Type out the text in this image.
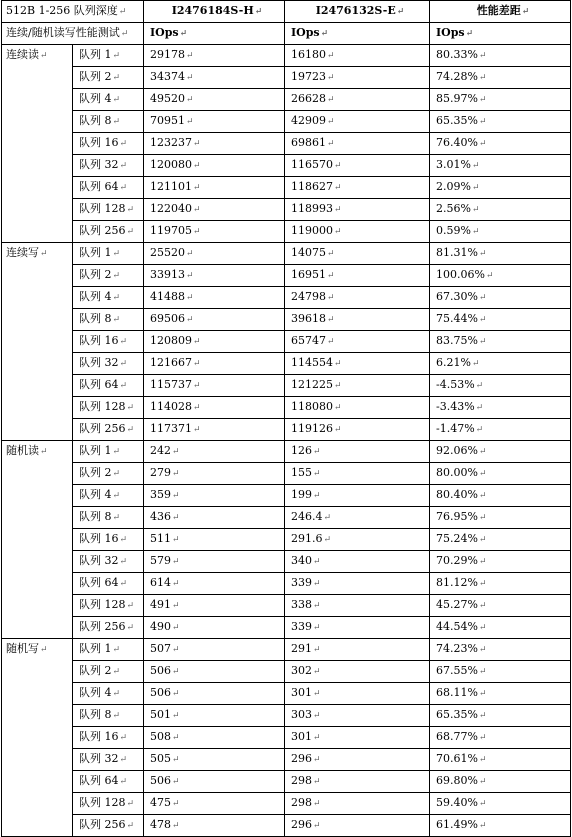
512B 1-256 队列深度↵		I2476184S-H↵	I2476132S-E↵	性能差距↵
连续/随机读写性能测试↵		IOps↵	IOps↵	IOps↵
连续读↵	队列 1↵	29178↵	16180↵	80.33%↵
	队列 2↵	34374↵	19723↵	74.28%↵
	队列 4↵	49520↵	26628↵	85.97%↵
	队列 8↵	70951↵	42909↵	65.35%↵
	队列 16↵	123237↵	69861↵	76.40%↵
	队列 32↵	120080↵	116570↵	3.01%↵
	队列 64↵	121101↵	118627↵	2.09%↵
	队列 128↵	122040↵	118993↵	2.56%↵
	队列 256↵	119705↵	119000↵	0.59%↵
连续写↵	队列 1↵	25520↵	14075↵	81.31%↵
	队列 2↵	33913↵	16951↵	100.06%↵
	队列 4↵	41488↵	24798↵	67.30%↵
	队列 8↵	69506↵	39618↵	75.44%↵
	队列 16↵	120809↵	65747↵	83.75%↵
	队列 32↵	121667↵	114554↵	6.21%↵
	队列 64↵	115737↵	121225↵	-4.53%↵
	队列 128↵	114028↵	118080↵	-3.43%↵
	队列 256↵	117371↵	119126↵	-1.47%↵
随机读↵	队列 1↵	242↵	126↵	92.06%↵
	队列 2↵	279↵	155↵	80.00%↵
	队列 4↵	359↵	199↵	80.40%↵
	队列 8↵	436↵	246.4↵	76.95%↵
	队列 16↵	511↵	291.6↵	75.24%↵
	队列 32↵	579↵	340↵	70.29%↵
	队列 64↵	614↵	339↵	81.12%↵
	队列 128↵	491↵	338↵	45.27%↵
	队列 256↵	490↵	339↵	44.54%↵
随机写↵	队列 1↵	507↵	291↵	74.23%↵
	队列 2↵	506↵	302↵	67.55%↵
	队列 4↵	506↵	301↵	68.11%↵
	队列 8↵	501↵	303↵	65.35%↵
	队列 16↵	508↵	301↵	68.77%↵
	队列 32↵	505↵	296↵	70.61%↵
	队列 64↵	506↵	298↵	69.80%↵
	队列 128↵	475↵	298↵	59.40%↵
	队列 256↵	478↵	296↵	61.49%↵
